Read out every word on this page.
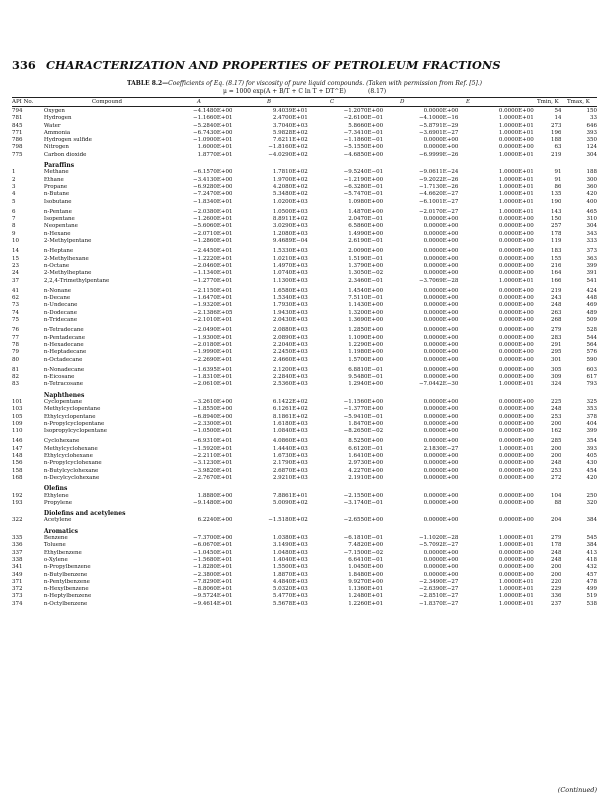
336 CHARACTERIZATION AND PROPERTIES OF PETROLEUM FRACTIONS
TABLE 8.2—Coefficients of Eq. (8.17) for viscosity of pure liquid compounds. (Taken with permission from Ref. [5].)
μ = 1000 exp(A + B/T + C ln T + DT^E)	(8.17)
API No.	Compound	A	B	C	D	E	Tmin, K Tmax, K
794	Oxygen	−4.1480E+00	9.4039E+01	−1.2070E+00	0.0000E+00	0.0000E+00	54	150
781	Hydrogen	−1.1660E+01	2.4700E+01	−2.6100E−01	−4.1000E−16	1.0000E+01	14	33
845	Water	−5.2840E+01	3.7040E+03	5.8660E+00	−5.8791E−29	1.0000E+01	273	646
771	Ammonia	−6.7430E+00	5.9828E+02	−7.3410E−01	−3.6901E−27	1.0000E+01	196	393
786	Hydrogen sulfide	−1.0900E+01	7.6211E+02	−1.1860E−01	0.0000E+00	0.0000E+00	188	350
798	Nitrogen	1.6000E+01	−1.8160E+02	−5.1550E+00	0.0000E+00	0.0000E+00	63	124
775	Carbon dioxide	1.8770E+01	−4.0290E+02	−4.6850E+00	−6.9999E−26	1.0000E+01	219	304

	Paraffins							
1	Methane	−6.1570E+00	1.7810E+02	−9.5240E−01	−9.0611E−24	1.0000E+01	91	188
2	Ethane	−3.4130E+00	1.9700E+02	−1.2190E+00	−9.2022E−26	1.0000E+01	91	300
3	Propane	−6.9280E+00	4.2080E+02	−6.3280E−01	−1.7130E−26	1.0000E+01	86	360
4	n-Butane	−7.2470E+00	5.3480E+02	−5.7470E−01	−4.6620E−27	1.0000E+01	135	420
5	Isobutane	−1.8340E+01	1.0200E+03	1.0980E+00	−6.1001E−27	1.0000E+01	190	400

6	n-Pentane	−2.0380E+01	1.0500E+03	1.4870E+00	−2.0170E−27	1.0000E+01	143	465
7	Isopentane	−1.2600E+01	8.8911E+02	2.0470E−01	0.0000E+00	0.0000E+00	150	310
8	Neopentane	−5.6060E+01	3.0290E+03	6.5860E+00	0.0000E+00	0.0000E+00	257	304
9	n-Hexane	−2.0710E+01	1.2080E+03	1.4990E+00	0.0000E+00	0.0000E+00	178	343
10	2-Methylpentane	−1.2860E+01	9.4689E−04	2.6190E−01	0.0000E+00	0.0000E+00	119	333

14	n-Heptane	−2.4450E+01	1.5330E+03	2.0090E+00	0.0000E+00	0.0000E+00	183	373
15	2-Methylhexane	−1.2220E+01	1.0210E+03	1.5190E−01	0.0000E+00	0.0000E+00	155	363
23	n-Octane	−2.0460E+01	1.4970E+03	1.3790E+00	0.0000E+00	0.0000E+00	216	399
24	2-Methylheptane	−1.1340E+01	1.0740E+03	1.3050E−02	0.0000E+00	0.0000E+00	164	391
37	2,2,4-Trimethylpentane	−1.2770E+01	1.1300E+03	2.3460E−01	−3.7069E−28	1.0000E+01	166	541

41	n-Nonane	−2.1150E+01	1.6580E+03	1.4540E+00	0.0000E+00	0.0000E+00	219	424
62	n-Decane	−1.6470E+01	1.5340E+03	7.5110E−01	0.0000E+00	0.0000E+00	243	448
73	n-Undecane	−1.9320E+01	1.7930E+03	1.1430E+00	0.0000E+00	0.0000E+00	248	469
74	n-Dodecane	−2.1386E+05	1.9430E+03	1.3200E+00	0.0000E+00	0.0000E+00	263	489
75	n-Tridecane	−2.1010E+01	2.0430E+03	1.3690E+00	0.0000E+00	0.0000E+00	268	509

76	n-Tetradecane	−2.0490E+01	2.0880E+03	1.2850E+00	0.0000E+00	0.0000E+00	279	528
77	n-Pentadecane	−1.9300E+01	2.0890E+03	1.1090E+00	0.0000E+00	0.0000E+00	283	544
78	n-Hexadecane	−2.0180E+01	2.2040E+03	1.2290E+00	0.0000E+00	0.0000E+00	291	564
79	n-Heptadecane	−1.9990E+01	2.2450E+03	1.1980E+00	0.0000E+00	0.0000E+00	295	576
80	n-Octadecane	−2.2690E+01	2.4660E+03	1.5700E+00	0.0000E+00	0.0000E+00	301	590

81	n-Nonadecane	−1.6395E+01	2.1200E+03	6.8810E−01	0.0000E+00	0.0000E+00	305	603
82	n-Eicosane	−1.8310E+01	2.2840E+03	9.5480E−01	0.0000E+00	0.0000E+00	309	617
83	n-Tetracosane	−2.0610E+01	2.5360E+03	1.2940E+00	−7.0442E−30	1.0000E+01	324	793

	Naphthenes							
101	Cyclopentane	−3.2610E+00	6.1422E+02	−1.1560E+00	0.0000E+00	0.0000E+00	225	325
103	Methylcyclopentane	−1.8550E+00	6.1261E+02	−1.3770E+00	0.0000E+00	0.0000E+00	248	353
105	Ethylcyclopentane	−6.8940E+00	8.1861E+02	−5.9410E−01	0.0000E+00	0.0000E+00	253	378
109	n-Propylcyclopentane	−2.3300E+01	1.6180E+03	1.8470E+00	0.0000E+00	0.0000E+00	200	404
110	Isopropylcyclopentane	−1.0500E+01	1.0840E+03	−8.2650E−02	0.0000E+00	0.0000E+00	162	399

146	Cyclohexane	−6.9310E+01	4.0860E+03	8.5250E+00	0.0000E+00	0.0000E+00	285	354
147	Methylcyclohexane	−1.5920E+01	1.4440E+03	6.6120E−01	2.1830E−27	1.0000E+01	200	393
148	Ethylcyclohexane	−2.2110E+01	1.6730E+03	1.6410E+00	0.0000E+00	0.0000E+00	200	405
156	n-Propylcyclohexane	−3.1230E+01	2.1790E+03	2.9730E+00	0.0000E+00	0.0000E+00	248	430
158	n-Butylcyclohexane	−3.9820E+01	2.6870E+03	4.2270E+00	0.0000E+00	0.0000E+00	253	454
168	n-Decylcyclohexane	−2.7670E+01	2.9210E+03	2.1910E+00	0.0000E+00	0.0000E+00	272	420

	Olefins							
192	Ethylene	1.8880E+00	7.8861E+01	−2.1550E+00	0.0000E+00	0.0000E+00	104	250
193	Propylene	−9.1480E+00	5.0090E+02	−3.1740E−01	0.0000E+00	0.0000E+00	88	320

	Diolefins and acetylenes							
322	Acetylene	6.2240E+00	−1.5180E+02	−2.6550E+00	0.0000E+00	0.0000E+00	204	384

	Aromatics							
335	Benzene	−7.3700E+00	1.0380E+03	−6.1810E−01	−1.1020E−28	1.0000E+01	279	545
336	Toluene	−6.0670E+01	3.1490E+03	7.4820E+00	−5.7092E−27	1.0000E+01	178	384
337	Ethylbenzene	−1.0450E+01	1.0480E+03	−7.1500E−02	0.0000E+00	0.0000E+00	248	413
338	o-Xylene	−1.5680E+01	1.4040E+03	6.6410E−01	0.0000E+00	0.0000E+00	248	418
341	n-Propylbenzene	−1.8280E+01	1.5500E+03	1.0450E+00	0.0000E+00	0.0000E+00	200	432
349	n-Butylbenzene	−2.3800E+01	1.8870E+03	1.8480E+00	0.0000E+00	0.0000E+00	200	457
371	n-Pentylbenzene	−7.8290E+01	4.4840E+03	9.9270E+00	−2.3490E−27	1.0000E+01	220	478
372	n-Hexylbenzene	−8.8060E+01	5.0320E+03	1.1360E+01	−2.6390E−27	1.0000E+01	229	499
373	n-Heptylbenzene	−9.5724E+01	5.4770E+03	1.2480E+01	−2.8510E−27	1.0000E+01	336	519
374	n-Octylbenzene	−9.4614E+01	5.5678E+03	1.2260E+01	−1.8370E−27	1.0000E+01	237	538
(Continued)
